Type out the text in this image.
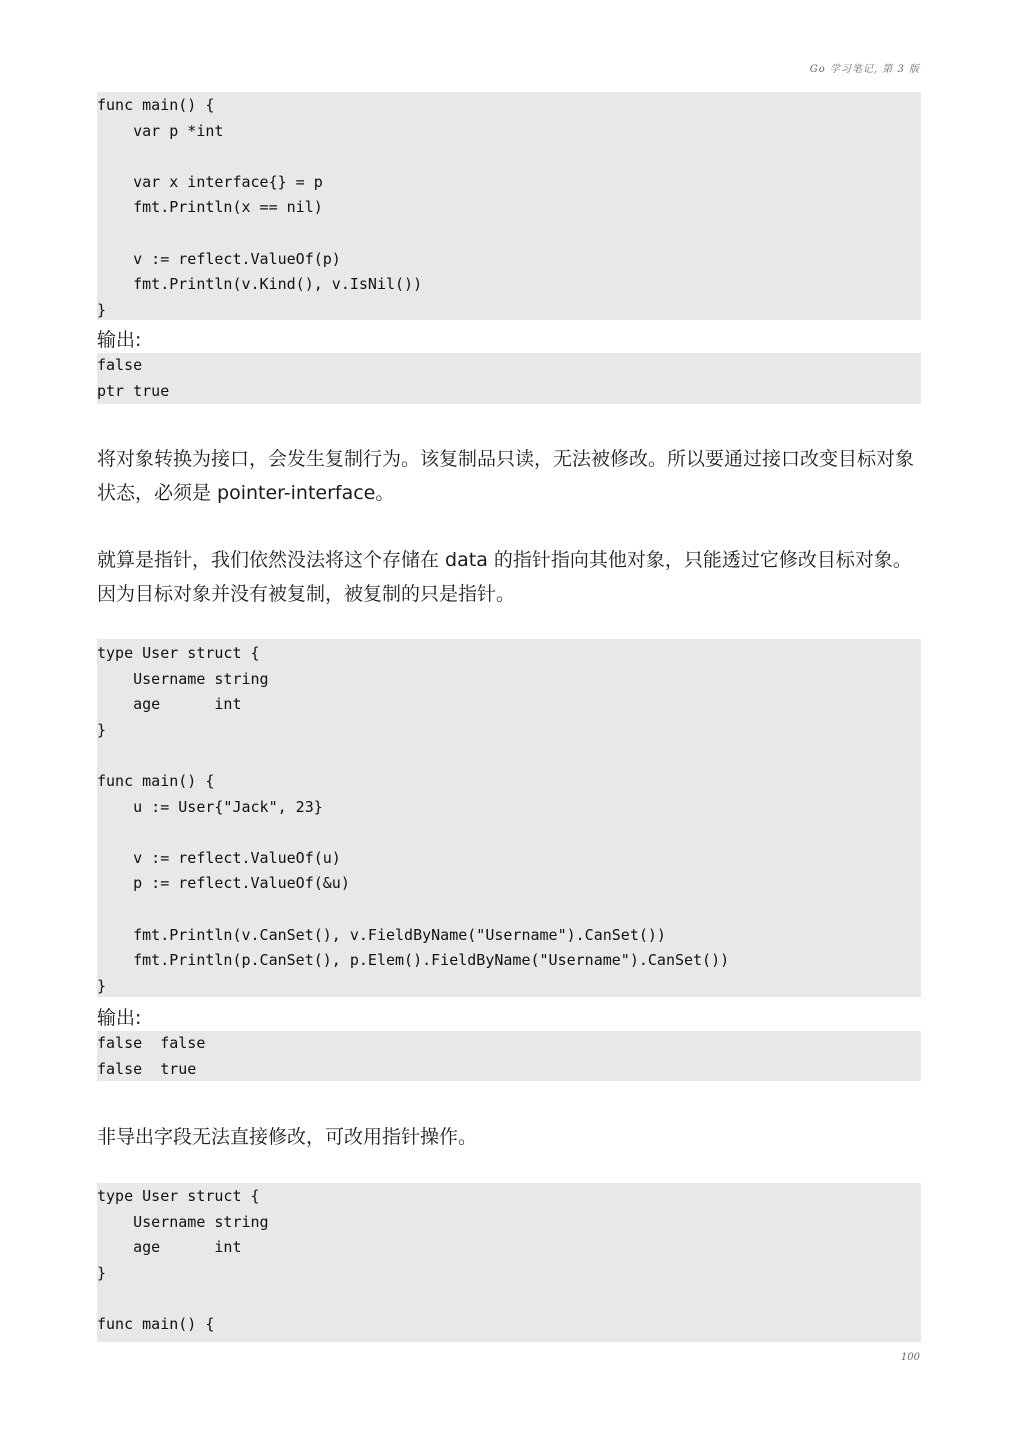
Go 学习笔记, 第 3 版
func main() {
var p *int

var x interface{} = p
fmt.Println(x == nil)

v := reflect.ValueOf(p)
fmt.Println(v.Kind(), v.IsNil())
}
输出:
false
ptr true

将对象转换为接口，会发生复制行为。该复制品只读，无法被修改。所以要通过接口改变目标对象状态，必须是 pointer-interface。

就算是指针，我们依然没法将这个存储在 data 的指针指向其他对象，只能透过它修改目标对象。因为目标对象并没有被复制，被复制的只是指针。

type User struct {
Username string
age      int
}

func main() {
u := User{"Jack", 23}

v := reflect.ValueOf(u)
p := reflect.ValueOf(&u)

fmt.Println(v.CanSet(), v.FieldByName("Username").CanSet())
fmt.Println(p.CanSet(), p.Elem().FieldByName("Username").CanSet())
}
输出:
false  false
false  true

非导出字段无法直接修改，可改用指针操作。

type User struct {
Username string
age      int
}

func main() {
100
